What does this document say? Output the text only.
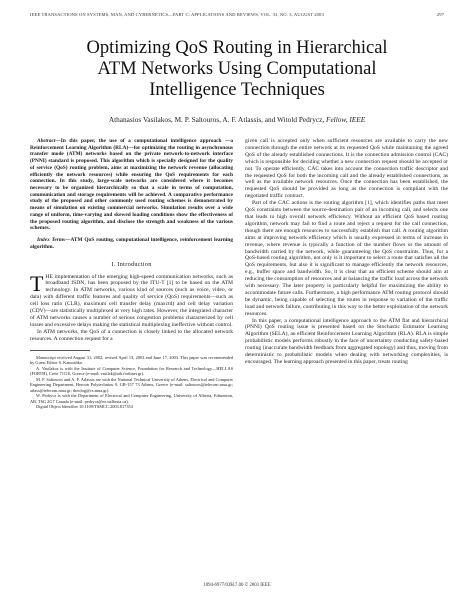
IEEE TRANSACTIONS ON SYSTEMS, MAN, AND CYBERNETICS—PART C: APPLICATIONS AND REVIEWS, VOL. 33, NO. 3, AUGUST 2003	297
Optimizing QoS Routing in Hierarchical
ATM Networks Using Computational
Intelligence Techniques
Athanasios Vasilakos, M. P. Saltouros, A. F. Atlassis, and Witold Pedrycz, Fellow, IEEE

Abstract—In this paper, the use of a computational intelligence approach —a Reinforcement Learning Algorithm (RLA)—for optimizing the routing in asynchronous transfer mode (ATM) networks based on the private network-to-network interface (PNNI) standard is proposed. This algorithm which is specially designed for the quality of service (QoS) routing problem, aims at maximizing the network revenue (allocating efficiently the network resources) while ensuring the QoS requirements for each connection. In this study, large-scale networks are considered where it becomes necessary to be organized hierarchically so that a scale in terms of computation, communication and storage requirements will be achieved. A comparative performance study of the proposed and other commonly used routing schemes is demonstrated by means of simulation on existing commercial networks. Simulation results over a wide range of uniform, time-varying and skewed loading conditions show the effectiveness of the proposed routing algorithm, and disclose the strength and weakness of the various schemes.

Index Terms—ATM QoS routing, computational intelligence, reinforcement learning algorithm.

I. Introduction
T HE implementation of the emerging high-speed communication networks, such as broadband ISDN, has been proposed by the ITU-T [1] to be based on the ATM technology. In ATM networks, various kind of sources (such as voice, video, or data) with different traffic features and quality of service (QoS) requirements—such as cell loss ratio (CLR), maximum cell transfer delay (maxctd) and cell delay variation (CDV)—are statistically multiplexed at very high rates. However, the integrated character of ATM networks causes a number of serious congestion problems characterized by cell losses and excessive delays making the statistical multiplexing ineffective without control.

In ATM networks, the QoS of a connection is closely linked to the allocated network resources. A connection request for a

Manuscript received August 31, 2002; revised April 13, 2003 and June 17, 2003. This paper was recommended by Guest Editor S. Kamoshko.

A. Vasilakos is with the Institute of Computer Science, Foundation for Research and Technology—HELLAS (FORTH), Crete 71110, Greece (e-mail: vasilak@ath.forthnet.gr).

M. P. Saltouros and A. F. Atlassis are with the National Technical University of Athens, Electrical and Computer Engineering Department, Heroon Polytechniou 9, GR-157 73 Athens, Greece (e-mail: saltouros@telecom.ntua.gr; atlass@telecom.ntua.gr; theolog@cs.ntua.gr).

W. Pedrycz is with the Department of Electrical and Computer Engineering, University of Alberta, Edmonton, AB, T6G 2G7 Canada (e-mail: pedrycz@ee.ualberta.ca).

Digital Object Identifier 10.1109/TSMCC.2003.817354

given call is accepted only when sufficient resources are available to carry the new connection through the entire network at its requested QoS while maintaining the agreed QoS of the already established connections. It is the connection admission control (CAC) which is responsible for deciding whether a new connection request should be accepted or not. To operate efficiently, CAC takes into account the connection traffic descriptor and the requested QoS for both the incoming call and the already established connections, as well as the available network resources. Once the connection has been established, the requested QoS should be provided as long as the connection is compliant with the negotiated traffic contract.

Part of the CAC actions is the routing algorithm [1], which identifies paths that meet QoS constraints between the source-destination pair of an incoming call, and selects one that leads to high overall network efficiency. Without an efficient QoS based routing algorithm, network may fail to find a route and reject a request for the call connection, though there are enough resources to successfully establish that call. A routing algorithm aims at improving network efficiency which is usually expressed in terms of increase in revenue, where revenue is typically a function of the number flows or the amount of bandwidth carried by the network, while guaranteeing the QoS constraints. Thus, for a QoS-based routing algorithm, not only is it important to select a route that satisfies all the QoS requirements, but also it is significant to manage efficiently the network resources, e.g., buffer space and bandwidth. So, it is clear that an efficient scheme should aim at reducing the consumption of resources and at balancing the traffic load across the network with necessary. The later property is particularly helpful for maximizing the ability to accommodate future calls. Furthermore, a high performance ATM routing protocol should be dynamic, being capable of selecting the routes in response to variation of the traffic load and network failure, contributing in this way to the better exploitation of the network resources.

In this paper, a computational intelligence approach to the ATM flat and hierarchical (PNNI) QoS routing issue is presented based on the Stochastic Estimator Learning Algorithm (SELA), an efficient Reinforcement Learning Algorithm (RLA). RLA is simple probabilistic models performs robustly in the face of uncertainty conducting safety-based routing (inaccurate bandwidth feedback from aggregated topology) and thus, moving from deterministic to probabilistic models when dealing with networking complexities, is encouraged. The learning approach presented in this paper, treats routing

1094-6977/03$17.00 © 2003 IEEE
